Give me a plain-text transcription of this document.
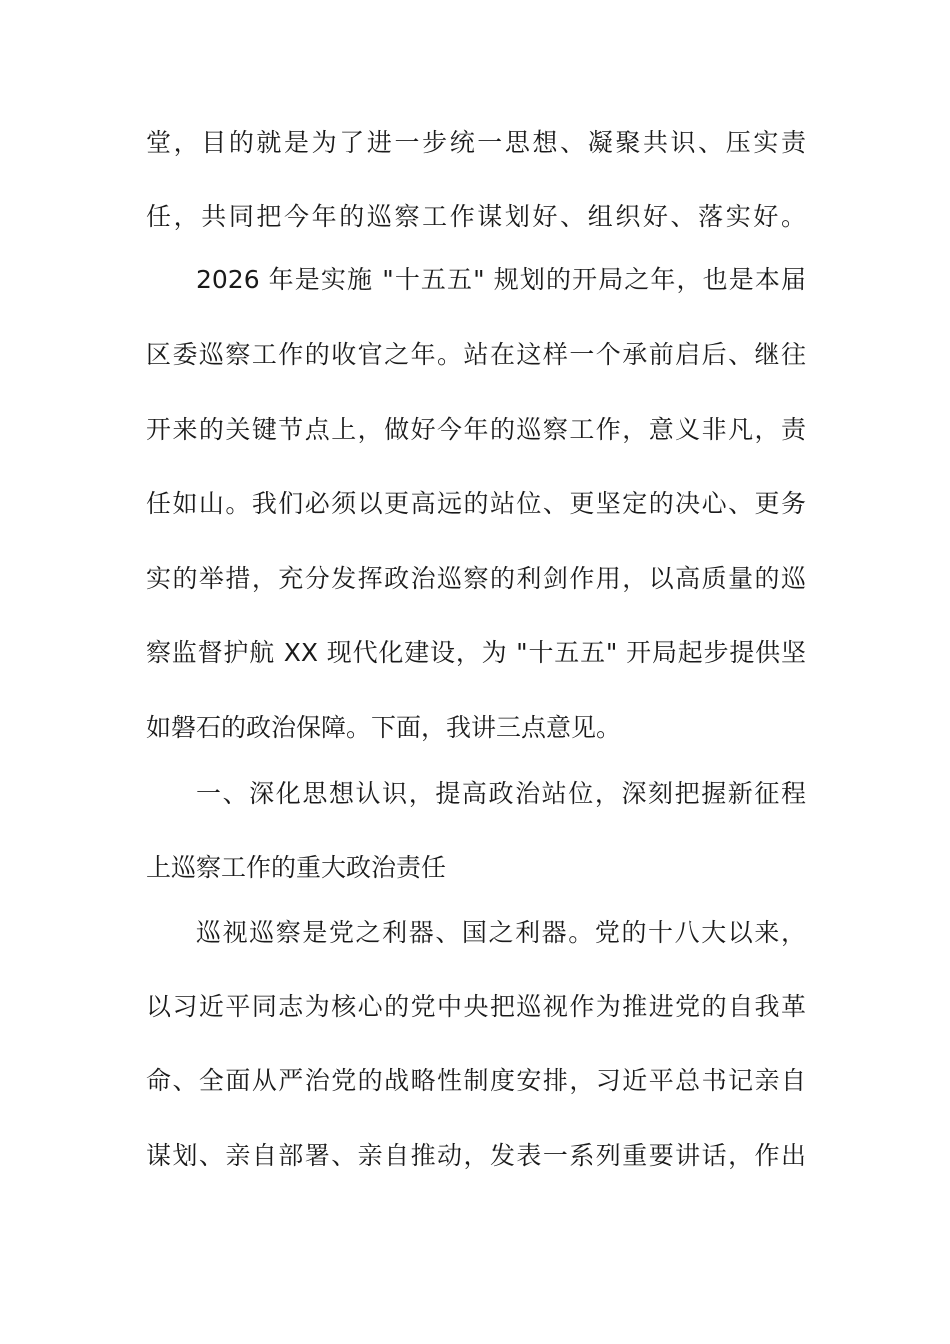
堂，目的就是为了进一步统一思想、凝聚共识、压实责
任，共同把今年的巡察工作谋划好、组织好、落实好。
2026 年是实施 "十五五" 规划的开局之年，也是本届
区委巡察工作的收官之年。站在这样一个承前启后、继往
开来的关键节点上，做好今年的巡察工作，意义非凡，责
任如山。我们必须以更高远的站位、更坚定的决心、更务
实的举措，充分发挥政治巡察的利剑作用，以高质量的巡
察监督护航 XX 现代化建设，为 "十五五" 开局起步提供坚
如磐石的政治保障。下面，我讲三点意见。
一、深化思想认识，提高政治站位，深刻把握新征程
上巡察工作的重大政治责任
巡视巡察是党之利器、国之利器。党的十八大以来，
以习近平同志为核心的党中央把巡视作为推进党的自我革
命、全面从严治党的战略性制度安排，习近平总书记亲自
谋划、亲自部署、亲自推动，发表一系列重要讲话，作出
